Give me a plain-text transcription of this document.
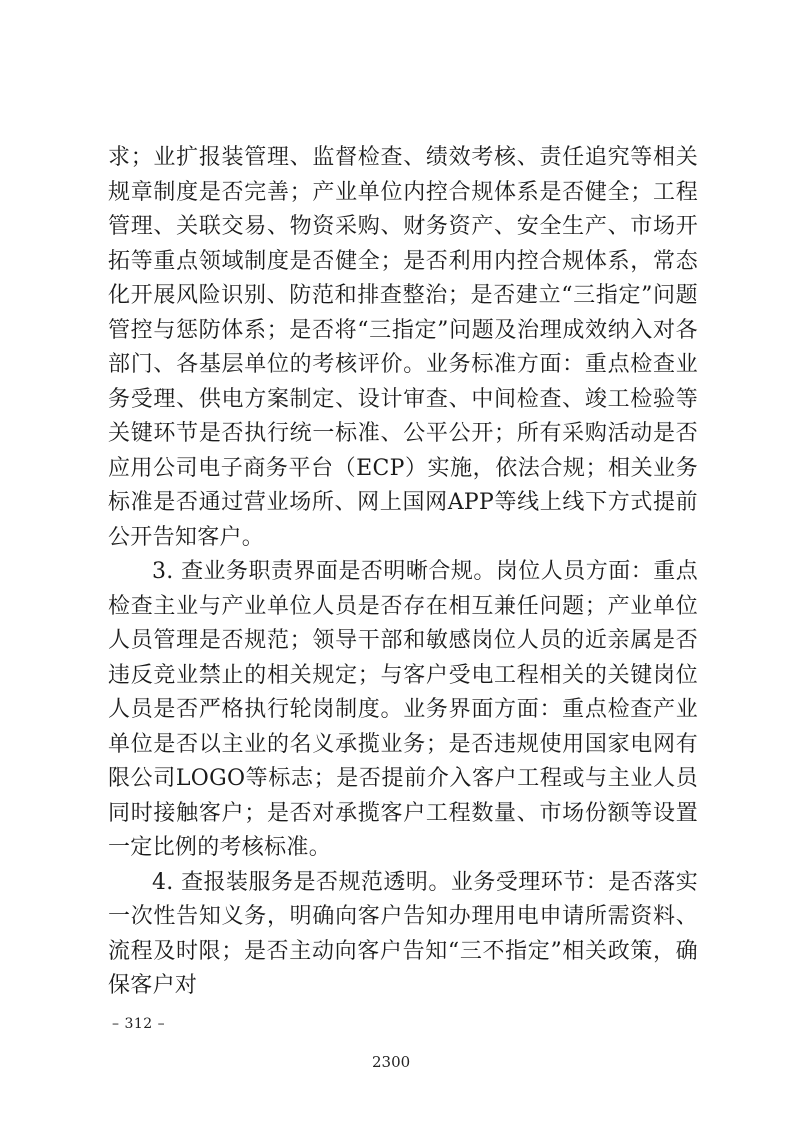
求；业扩报装管理、监督检查、绩效考核、责任追究等相关规章制度是否完善；产业单位内控合规体系是否健全；工程管理、关联交易、物资采购、财务资产、安全生产、市场开拓等重点领域制度是否健全；是否利用内控合规体系，常态化开展风险识别、防范和排查整治；是否建立“三指定”问题管控与惩防体系；是否将“三指定”问题及治理成效纳入对各部门、各基层单位的考核评价。业务标准方面：重点检查业务受理、供电方案制定、设计审查、中间检查、竣工检验等关键环节是否执行统一标准、公平公开；所有采购活动是否应用公司电子商务平台（ECP）实施，依法合规；相关业务标准是否通过营业场所、网上国网APP等线上线下方式提前公开告知客户。

3. 查业务职责界面是否明晰合规。岗位人员方面：重点检查主业与产业单位人员是否存在相互兼任问题；产业单位人员管理是否规范；领导干部和敏感岗位人员的近亲属是否违反竞业禁止的相关规定；与客户受电工程相关的关键岗位人员是否严格执行轮岗制度。业务界面方面：重点检查产业单位是否以主业的名义承揽业务；是否违规使用国家电网有限公司LOGO等标志；是否提前介入客户工程或与主业人员同时接触客户；是否对承揽客户工程数量、市场份额等设置一定比例的考核标准。

4. 查报装服务是否规范透明。业务受理环节：是否落实一次性告知义务，明确向客户告知办理用电申请所需资料、流程及时限；是否主动向客户告知“三不指定”相关政策，确保客户对

– 312 –
2300
